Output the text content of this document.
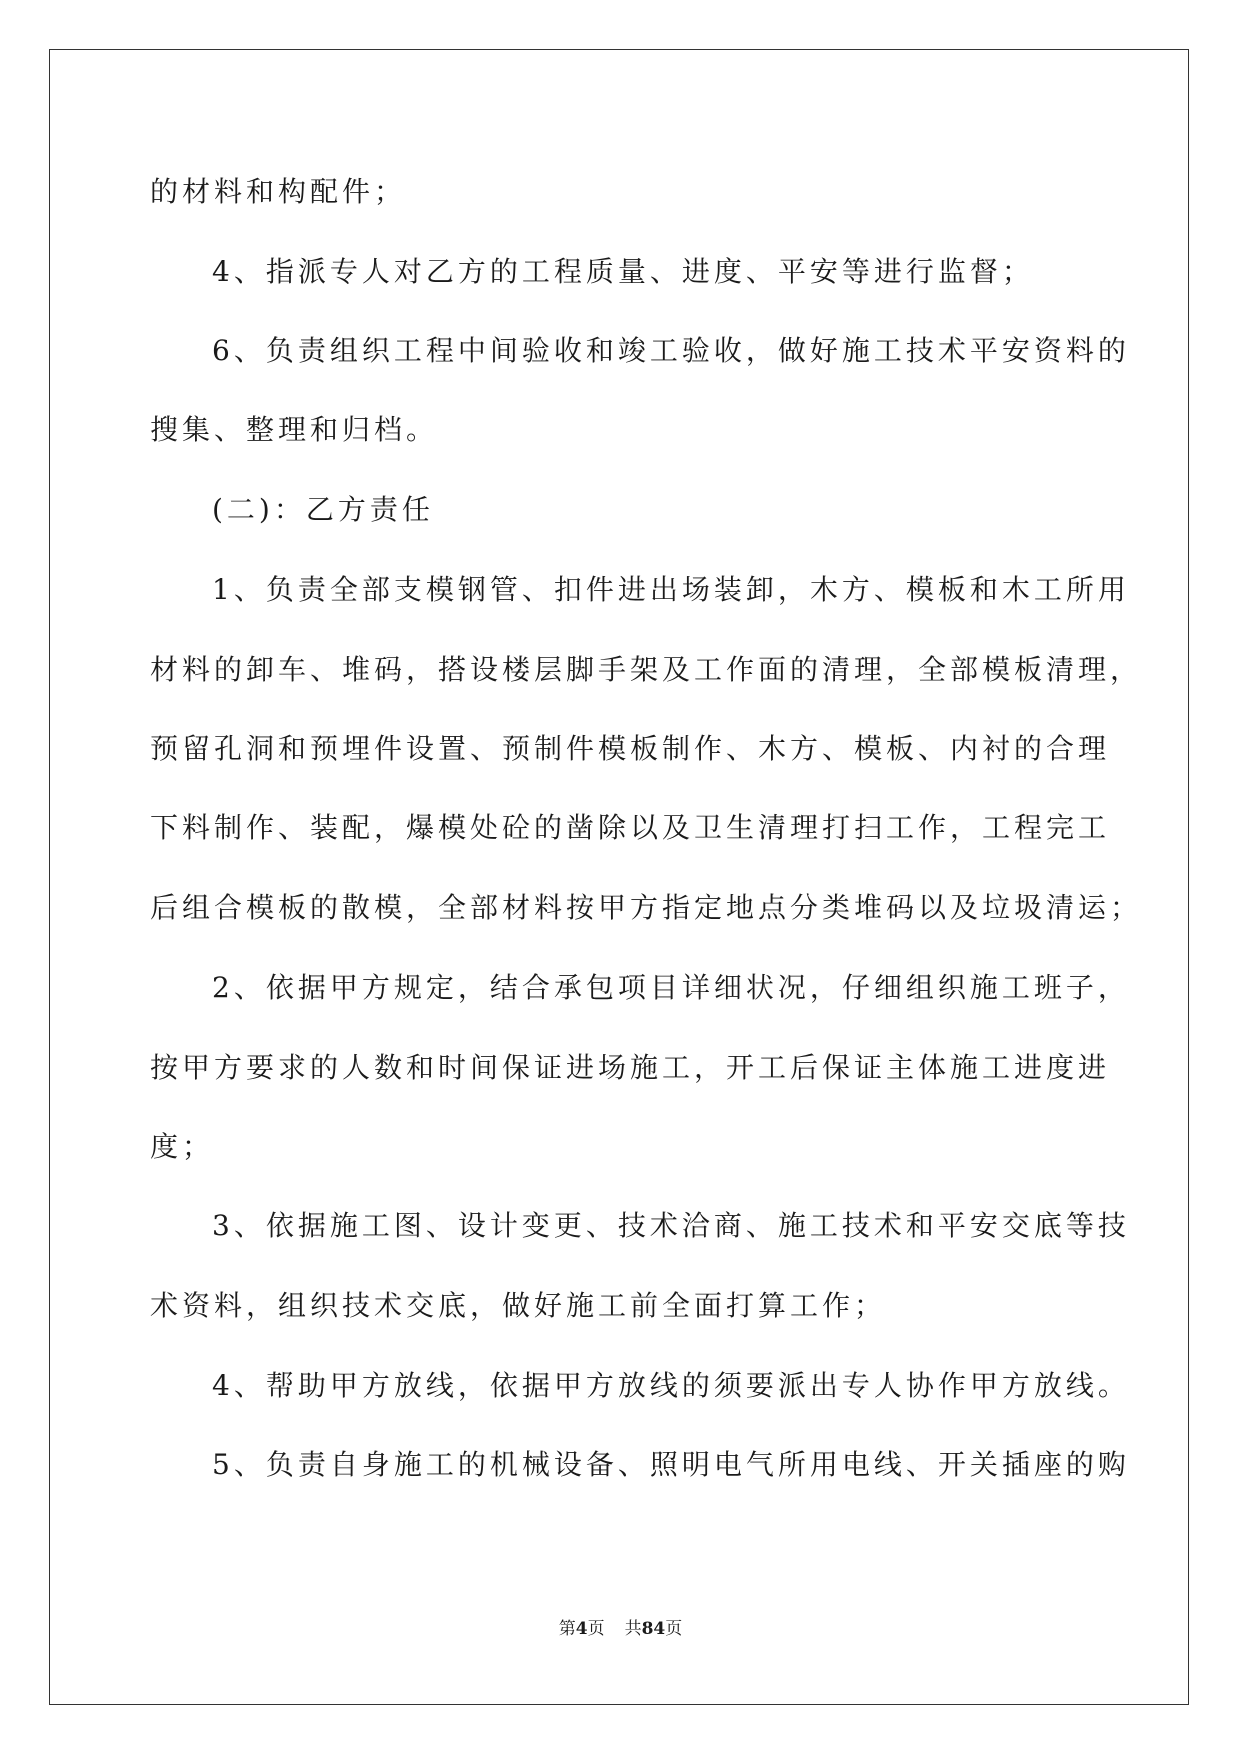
的材料和构配件；
4、指派专人对乙方的工程质量、进度、平安等进行监督；
6、负责组织工程中间验收和竣工验收，做好施工技术平安资料的
搜集、整理和归档。
(二)：乙方责任
1、负责全部支模钢管、扣件进出场装卸，木方、模板和木工所用
材料的卸车、堆码，搭设楼层脚手架及工作面的清理，全部模板清理，
预留孔洞和预埋件设置、预制件模板制作、木方、模板、内衬的合理
下料制作、装配，爆模处砼的凿除以及卫生清理打扫工作，工程完工
后组合模板的散模，全部材料按甲方指定地点分类堆码以及垃圾清运；
2、依据甲方规定，结合承包项目详细状况，仔细组织施工班子，
按甲方要求的人数和时间保证进场施工，开工后保证主体施工进度进
度；
3、依据施工图、设计变更、技术洽商、施工技术和平安交底等技
术资料，组织技术交底，做好施工前全面打算工作；
4、帮助甲方放线，依据甲方放线的须要派出专人协作甲方放线。
5、负责自身施工的机械设备、照明电气所用电线、开关插座的购
第4页 共84页
